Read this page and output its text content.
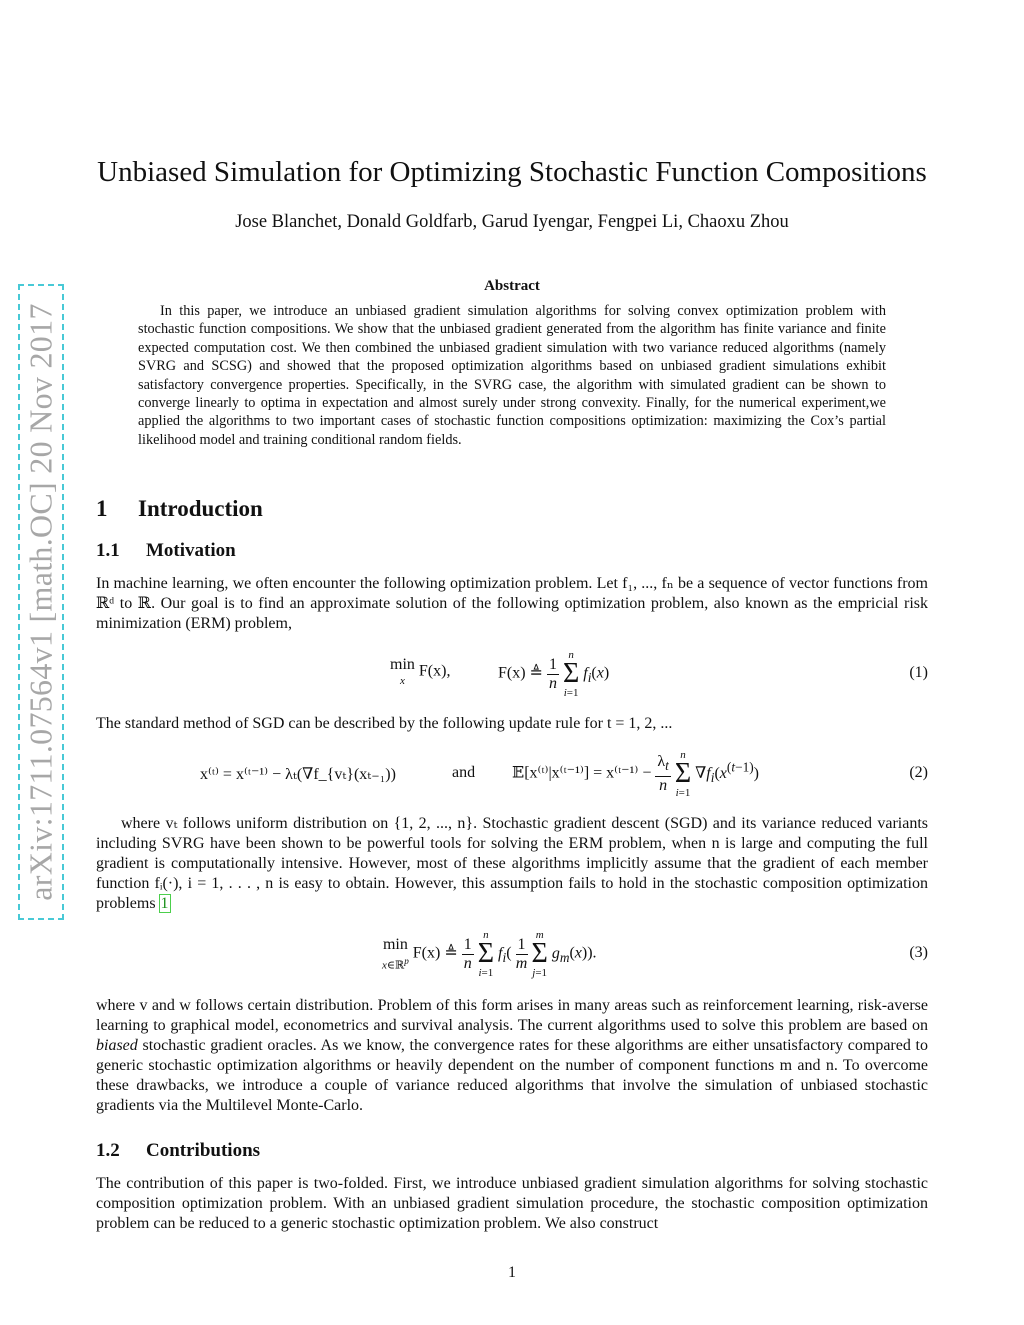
arXiv:1711.07564v1 [math.OC] 20 Nov 2017
Unbiased Simulation for Optimizing Stochastic Function Compositions
Jose Blanchet, Donald Goldfarb, Garud Iyengar, Fengpei Li, Chaoxu Zhou
Abstract

In this paper, we introduce an unbiased gradient simulation algorithms for solving convex optimization problem with stochastic function compositions. We show that the unbiased gradient generated from the algorithm has finite variance and finite expected computation cost. We then combined the unbiased gradient simulation with two variance reduced algorithms (namely SVRG and SCSG) and showed that the proposed optimization algorithms based on unbiased gradient simulations exhibit satisfactory convergence properties. Specifically, in the SVRG case, the algorithm with simulated gradient can be shown to converge linearly to optima in expectation and almost surely under strong convexity. Finally, for the numerical experiment,we applied the algorithms to two important cases of stochastic function compositions optimization: maximizing the Cox’s partial likelihood model and training conditional random fields.

1 Introduction
1.1 Motivation

In machine learning, we often encounter the following optimization problem. Let f₁, ..., fₙ be a sequence of vector functions from ℝᵈ to ℝ. Our goal is to find an approximate solution of the following optimization problem, also known as the empricial risk minimization (ERM) problem,

min
x F(x),	F(x) ≜ $\frac{1}{n}$
n
Σ
i=1 $f_i(x)$	(1)

The standard method of SGD can be described by the following update rule for t = 1, 2, ...

x⁽ᵗ⁾ = x⁽ᵗ⁻¹⁾ − λₜ(∇f_{vₜ}(xₜ₋₁))	and 𝔼[x⁽ᵗ⁾|x⁽ᵗ⁻¹⁾] = x⁽ᵗ⁻¹⁾ − $\frac{\lambda_t}{n}$ n
Σ
i=1 $\nabla f_i(x^{(t-1)})$	(2)

where vₜ follows uniform distribution on {1, 2, ..., n}. Stochastic gradient descent (SGD) and its variance reduced variants including SVRG have been shown to be powerful tools for solving the ERM problem, when n is large and computing the full gradient is computationally intensive. However, most of these algorithms implicitly assume that the gradient of each member function fᵢ(·), i = 1, . . . , n is easy to obtain. However, this assumption fails to hold in the stochastic composition optimization problems 1

min
x∈ℝ$^p$ F(x) ≜ $\frac{1}{n}$
n
Σ
i=1 $f_i( \frac{1}{m}$
m
Σ
j=1 $g_m(x)$).	(3)

where v and w follows certain distribution. Problem of this form arises in many areas such as reinforcement learning, risk-averse learning to graphical model, econometrics and survival analysis. The current algorithms used to solve this problem are based on biased stochastic gradient oracles. As we know, the convergence rates for these algorithms are either unsatisfactory compared to generic stochastic optimization algorithms or heavily dependent on the number of component functions m and n. To overcome these drawbacks, we introduce a couple of variance reduced algorithms that involve the simulation of unbiased stochastic gradients via the Multilevel Monte-Carlo.

1.2 Contributions

The contribution of this paper is two-folded. First, we introduce unbiased gradient simulation algorithms for solving stochastic composition optimization problem. With an unbiased gradient simulation procedure, the stochastic composition optimization problem can be reduced to a generic stochastic optimization problem. We also construct

1
